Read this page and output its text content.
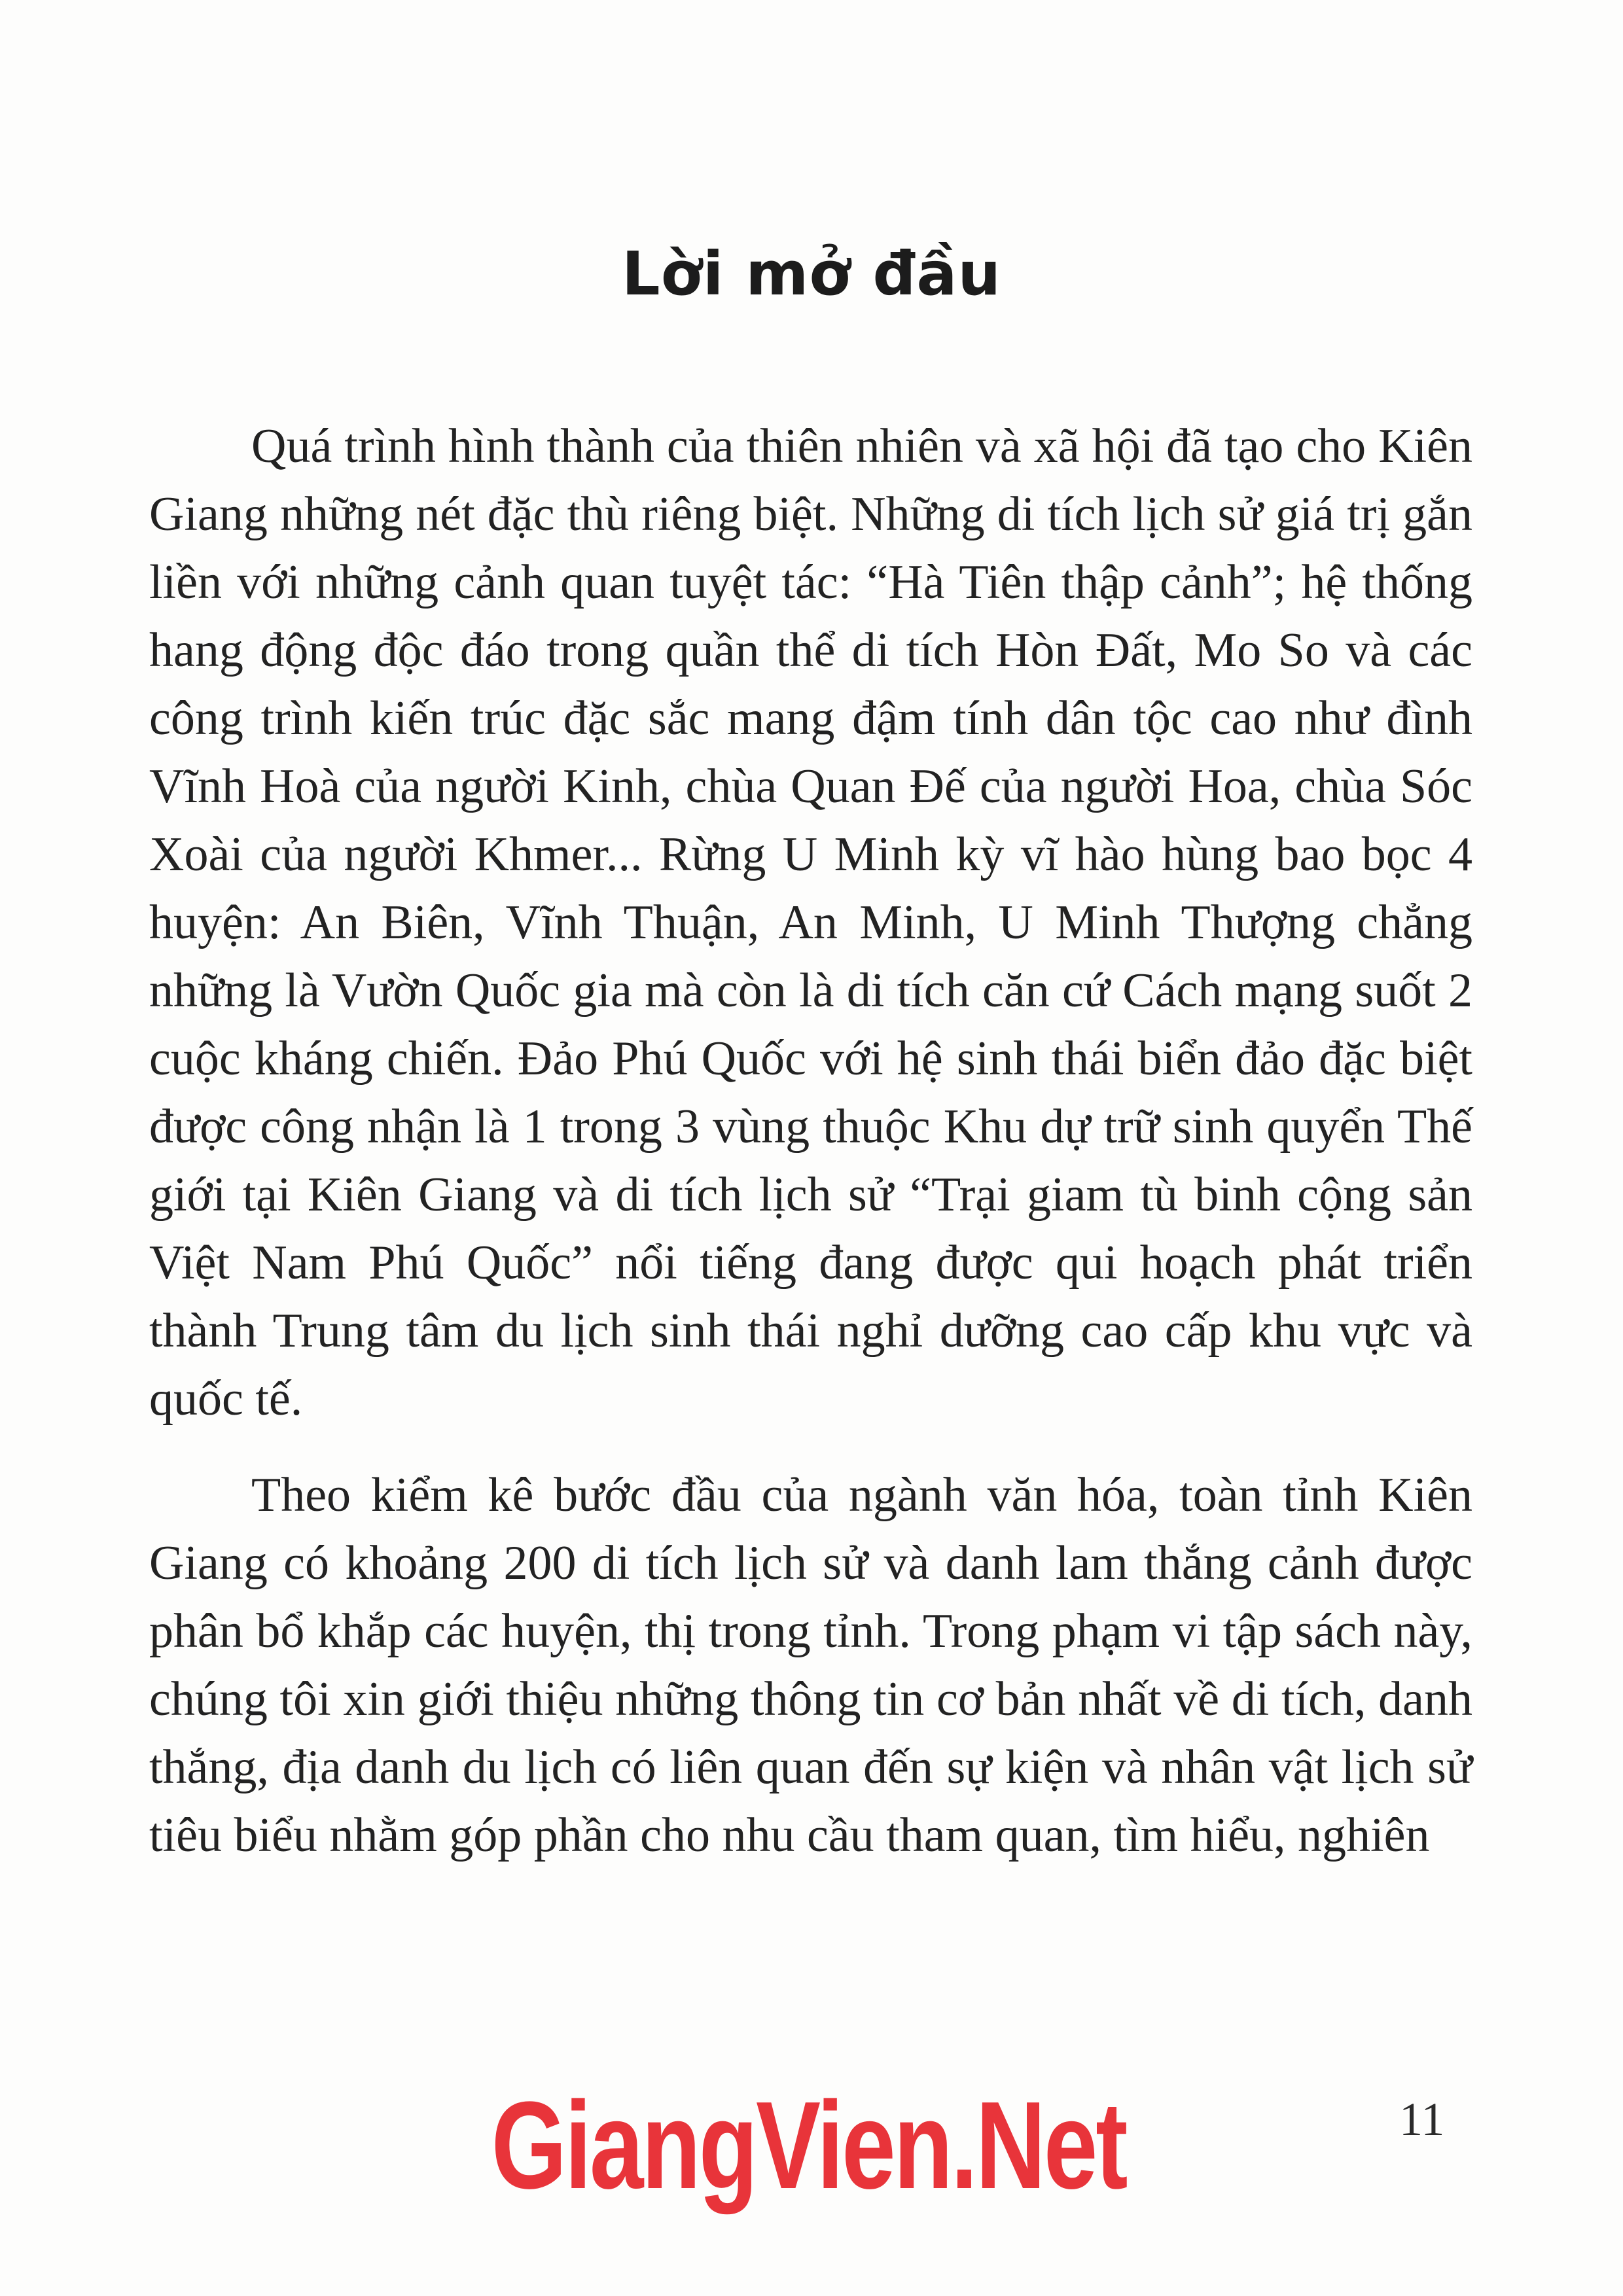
Lời mở đầu

Quá trình hình thành của thiên nhiên và xã hội đã tạo cho Kiên Giang những nét đặc thù riêng biệt. Những di tích lịch sử giá trị gắn liền với những cảnh quan tuyệt tác: “Hà Tiên thập cảnh”; hệ thống hang động độc đáo trong quần thể di tích Hòn Đất, Mo So và các công trình kiến trúc đặc sắc mang đậm tính dân tộc cao như đình Vĩnh Hoà của người Kinh, chùa Quan Đế của người Hoa, chùa Sóc Xoài của người Khmer... Rừng U Minh kỳ vĩ hào hùng bao bọc 4 huyện: An Biên, Vĩnh Thuận, An Minh, U Minh Thượng chẳng những là Vườn Quốc gia mà còn là di tích căn cứ Cách mạng suốt 2 cuộc kháng chiến. Đảo Phú Quốc với hệ sinh thái biển đảo đặc biệt được công nhận là 1 trong 3 vùng thuộc Khu dự trữ sinh quyển Thế giới tại Kiên Giang và di tích lịch sử “Trại giam tù binh cộng sản Việt Nam Phú Quốc” nổi tiếng đang được qui hoạch phát triển thành Trung tâm du lịch sinh thái nghỉ dưỡng cao cấp khu vực và quốc tế.

Theo kiểm kê bước đầu của ngành văn hóa, toàn tỉnh Kiên Giang có khoảng 200 di tích lịch sử và danh lam thắng cảnh được phân bổ khắp các huyện, thị trong tỉnh. Trong phạm vi tập sách này, chúng tôi xin giới thiệu những thông tin cơ bản nhất về di tích, danh thắng, địa danh du lịch có liên quan đến sự kiện và nhân vật lịch sử tiêu biểu nhằm góp phần cho nhu cầu tham quan, tìm hiểu, nghiên

GiangVien.Net	11
